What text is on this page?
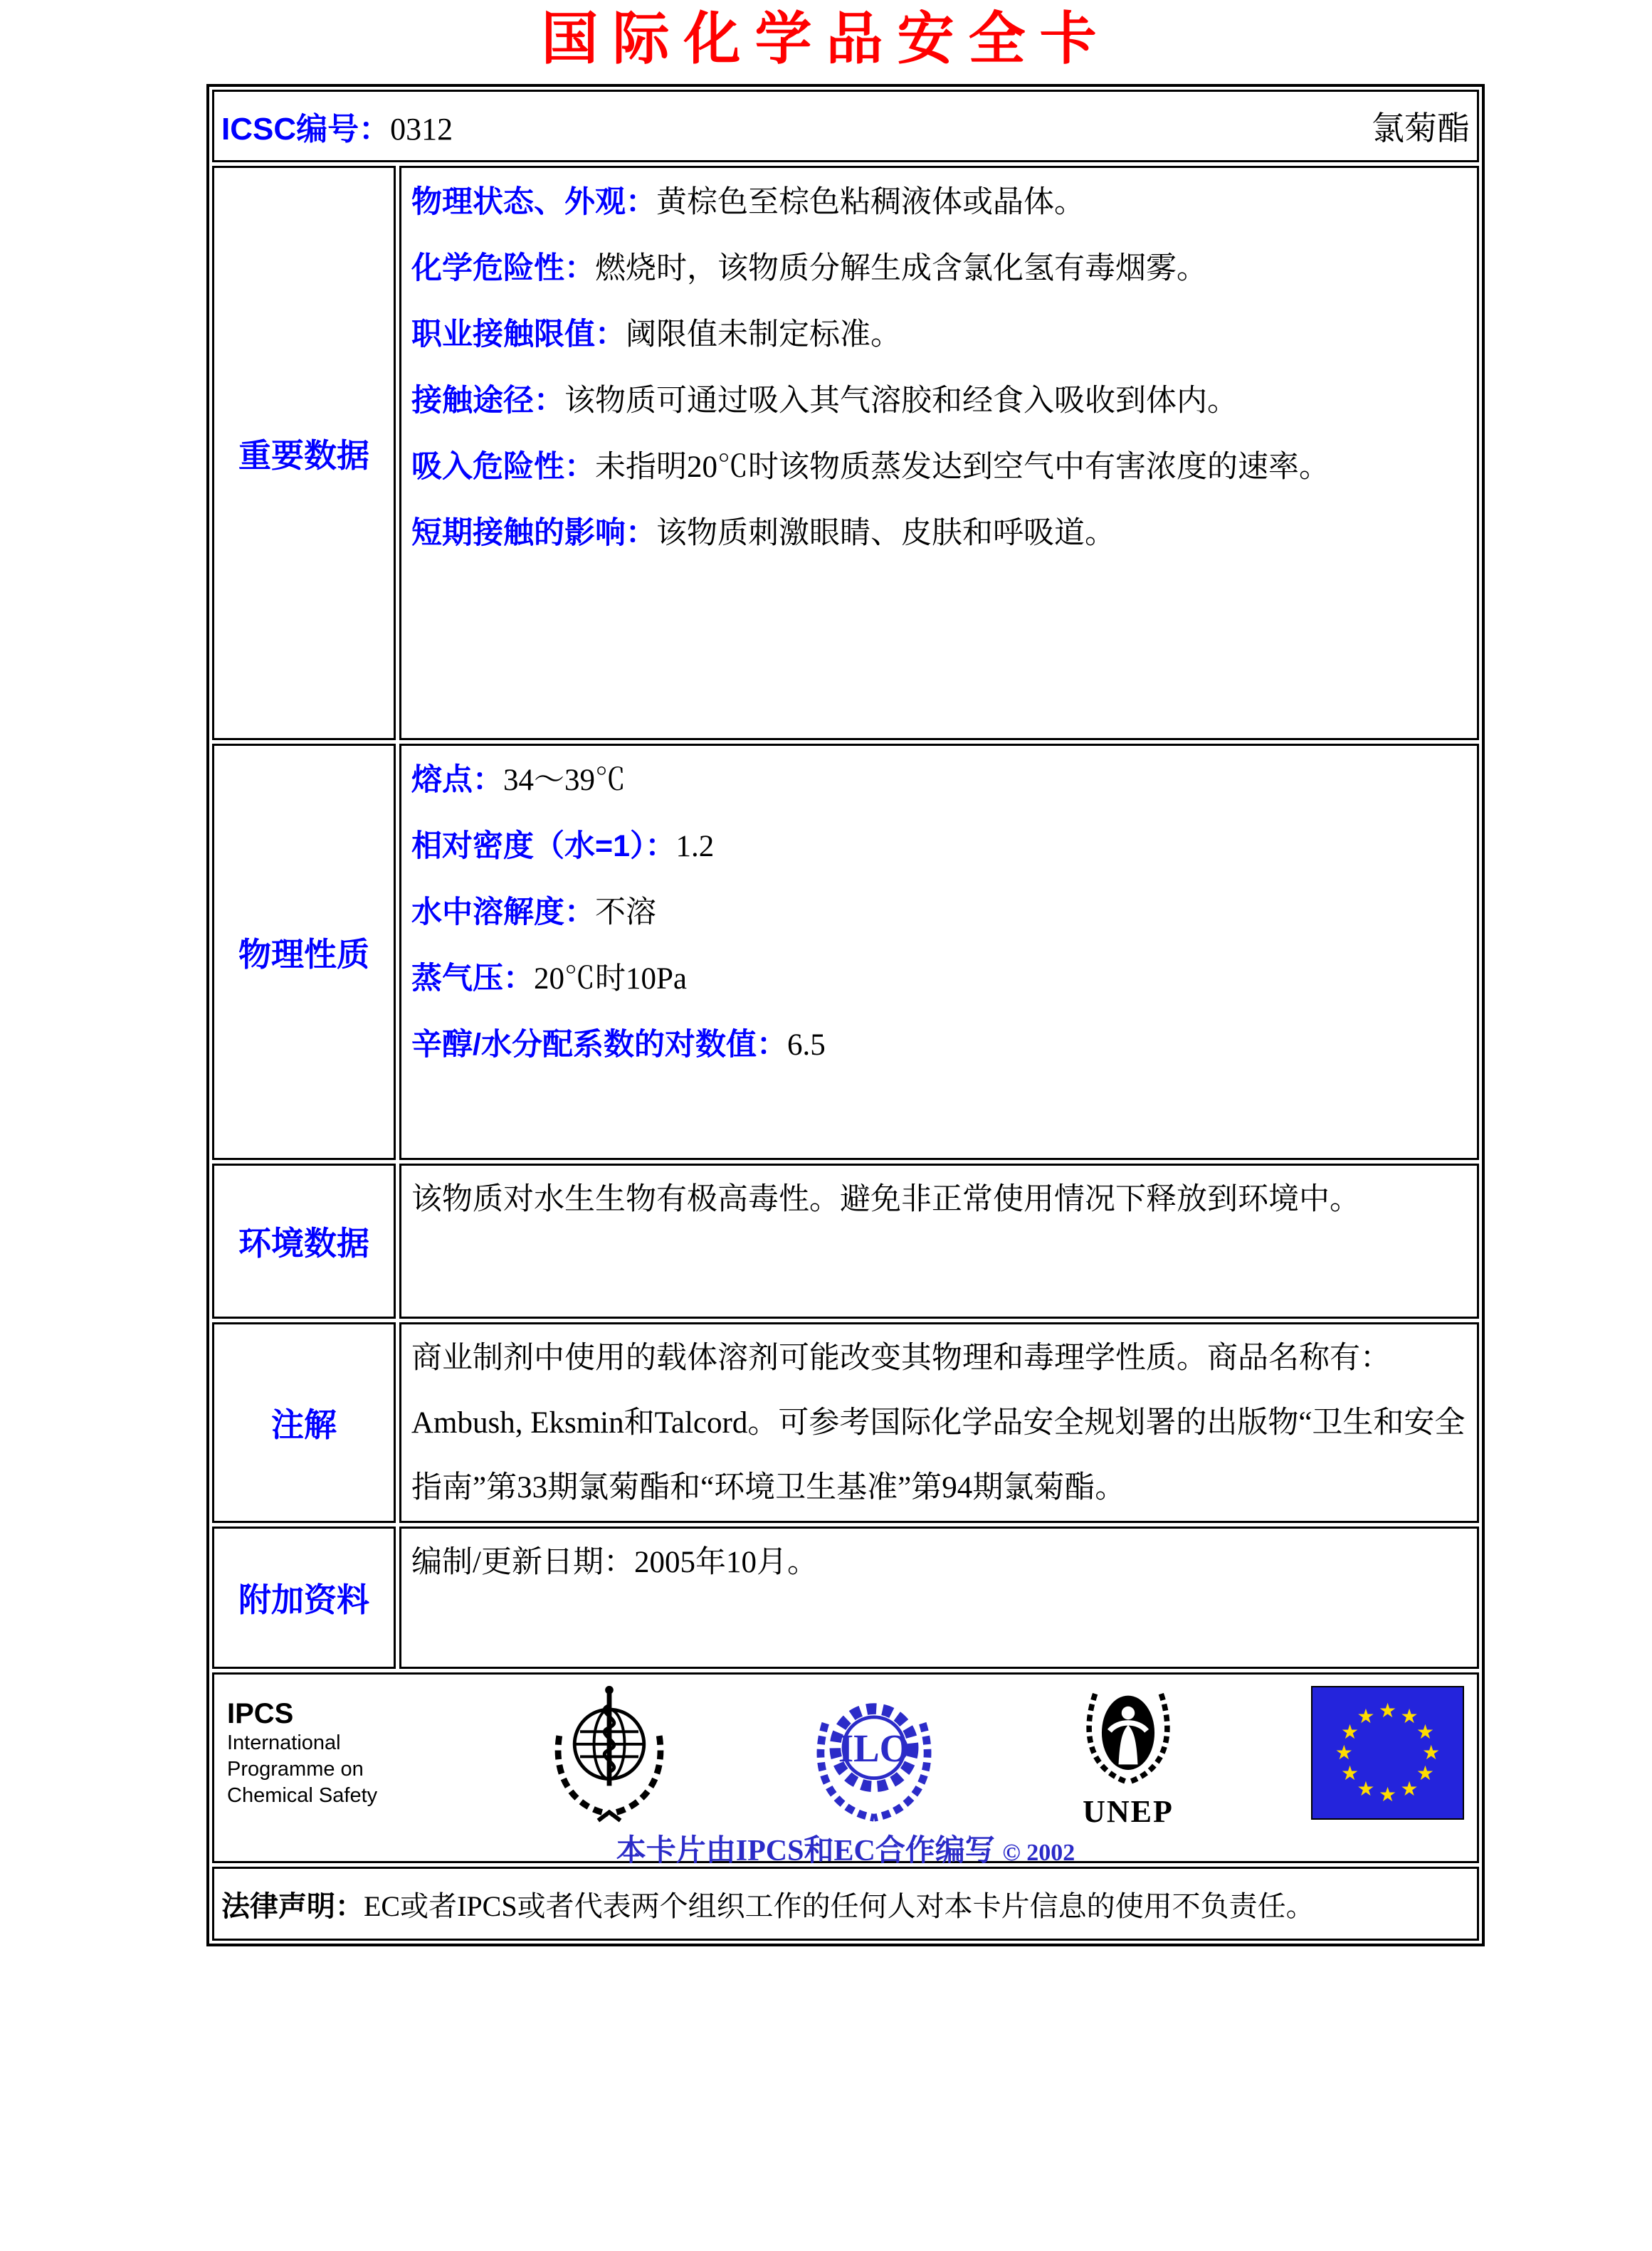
国际化学品安全卡
ICSC编号：0312	氯菊酯
重要数据
物理状态、外观：黄棕色至棕色粘稠液体或晶体。
化学危险性：燃烧时，该物质分解生成含氯化氢有毒烟雾。
职业接触限值：阈限值未制定标准。
接触途径：该物质可通过吸入其气溶胶和经食入吸收到体内。
吸入危险性：未指明20℃时该物质蒸发达到空气中有害浓度的速率。
短期接触的影响：该物质刺激眼睛、皮肤和呼吸道。
物理性质
熔点：34～39℃
相对密度（水=1）：1.2
水中溶解度：不溶
蒸气压：20℃时10Pa
辛醇/水分配系数的对数值：6.5
环境数据
该物质对水生生物有极高毒性。避免非正常使用情况下释放到环境中。
注解
商业制剂中使用的载体溶剂可能改变其物理和毒理学性质。商品名称有：Ambush, Eksmin和Talcord。可参考国际化学品安全规划署的出版物“卫生和安全指南”第33期氯菊酯和“环境卫生基准”第94期氯菊酯。
附加资料
编制/更新日期：2005年10月。
IPCS
International
Programme on
Chemical Safety
ILO
UNEP
★ ★
★
★
★
★
★
★
★
★
★
★
本卡片由IPCS和EC合作编写 © 2002
法律声明： EC或者IPCS或者代表两个组织工作的任何人对本卡片信息的使用不负责任。
